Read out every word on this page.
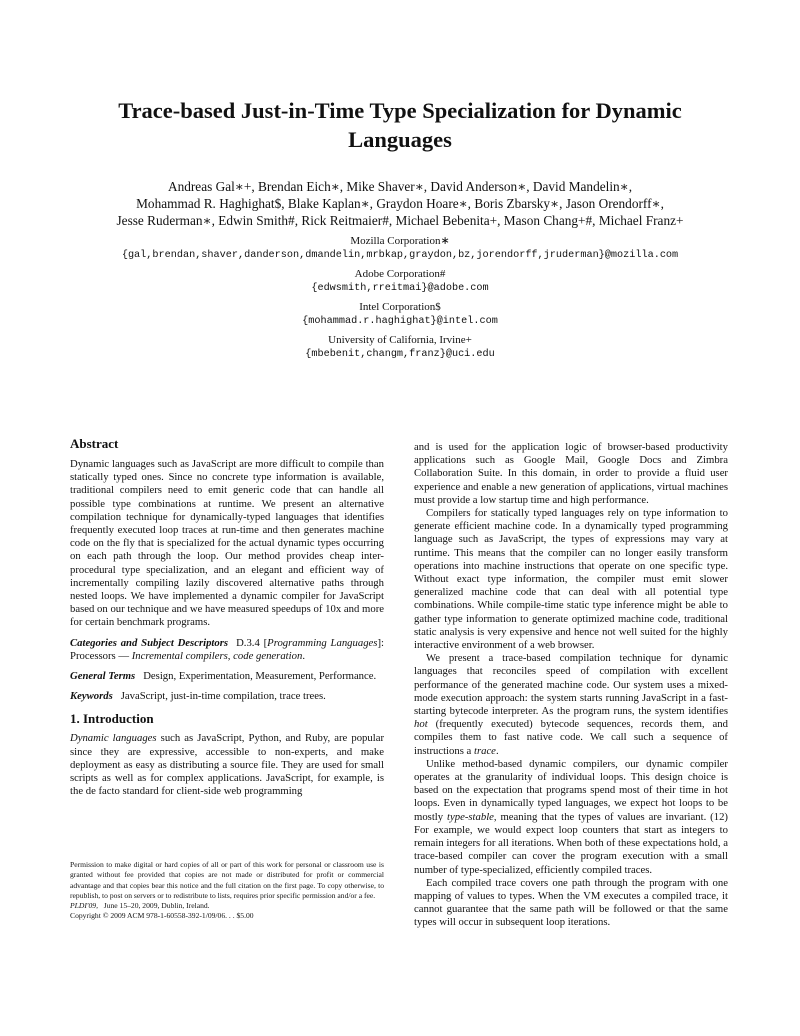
Trace-based Just-in-Time Type Specialization for Dynamic
Languages
Andreas Gal∗+, Brendan Eich∗, Mike Shaver∗, David Anderson∗, David Mandelin∗,
Mohammad R. Haghighat$, Blake Kaplan∗, Graydon Hoare∗, Boris Zbarsky∗, Jason Orendorff∗,
Jesse Ruderman∗, Edwin Smith#, Rick Reitmaier#, Michael Bebenita+, Mason Chang+#, Michael Franz+
Mozilla Corporation∗
{gal,brendan,shaver,danderson,dmandelin,mrbkap,graydon,bz,jorendorff,jruderman}@mozilla.com
Adobe Corporation#
{edwsmith,rreitmai}@adobe.com
Intel Corporation$
{mohammad.r.haghighat}@intel.com
University of California, Irvine+
{mbebenit,changm,franz}@uci.edu
Abstract

Dynamic languages such as JavaScript are more difficult to compile than statically typed ones. Since no concrete type information is available, traditional compilers need to emit generic code that can handle all possible type combinations at runtime. We present an alternative compilation technique for dynamically-typed languages that identifies frequently executed loop traces at run-time and then generates machine code on the fly that is specialized for the actual dynamic types occurring on each path through the loop. Our method provides cheap inter-procedural type specialization, and an elegant and efficient way of incrementally compiling lazily discovered alternative paths through nested loops. We have implemented a dynamic compiler for JavaScript based on our technique and we have measured speedups of 10x and more for certain benchmark programs.

Categories and Subject Descriptors D.3.4 [Programming Languages]: Processors — Incremental compilers, code generation.

General Terms Design, Experimentation, Measurement, Performance.

Keywords JavaScript, just-in-time compilation, trace trees.

1. Introduction

Dynamic languages such as JavaScript, Python, and Ruby, are popular since they are expressive, accessible to non-experts, and make deployment as easy as distributing a source file. They are used for small scripts as well as for complex applications. JavaScript, for example, is the de facto standard for client-side web programming

Permission to make digital or hard copies of all or part of this work for personal or classroom use is granted without fee provided that copies are not made or distributed for profit or commercial advantage and that copies bear this notice and the full citation on the first page. To copy otherwise, to republish, to post on servers or to redistribute to lists, requires prior specific permission and/or a fee.
PLDI'09, June 15–20, 2009, Dublin, Ireland.
Copyright © 2009 ACM 978-1-60558-392-1/09/06. . . $5.00

and is used for the application logic of browser-based productivity applications such as Google Mail, Google Docs and Zimbra Collaboration Suite. In this domain, in order to provide a fluid user experience and enable a new generation of applications, virtual machines must provide a low startup time and high performance.

Compilers for statically typed languages rely on type information to generate efficient machine code. In a dynamically typed programming language such as JavaScript, the types of expressions may vary at runtime. This means that the compiler can no longer easily transform operations into machine instructions that operate on one specific type. Without exact type information, the compiler must emit slower generalized machine code that can deal with all potential type combinations. While compile-time static type inference might be able to gather type information to generate optimized machine code, traditional static analysis is very expensive and hence not well suited for the highly interactive environment of a web browser.

We present a trace-based compilation technique for dynamic languages that reconciles speed of compilation with excellent performance of the generated machine code. Our system uses a mixed-mode execution approach: the system starts running JavaScript in a fast-starting bytecode interpreter. As the program runs, the system identifies hot (frequently executed) bytecode sequences, records them, and compiles them to fast native code. We call such a sequence of instructions a trace.

Unlike method-based dynamic compilers, our dynamic compiler operates at the granularity of individual loops. This design choice is based on the expectation that programs spend most of their time in hot loops. Even in dynamically typed languages, we expect hot loops to be mostly type-stable, meaning that the types of values are invariant. (12) For example, we would expect loop counters that start as integers to remain integers for all iterations. When both of these expectations hold, a trace-based compiler can cover the program execution with a small number of type-specialized, efficiently compiled traces.

Each compiled trace covers one path through the program with one mapping of values to types. When the VM executes a compiled trace, it cannot guarantee that the same path will be followed or that the same types will occur in subsequent loop iterations.
